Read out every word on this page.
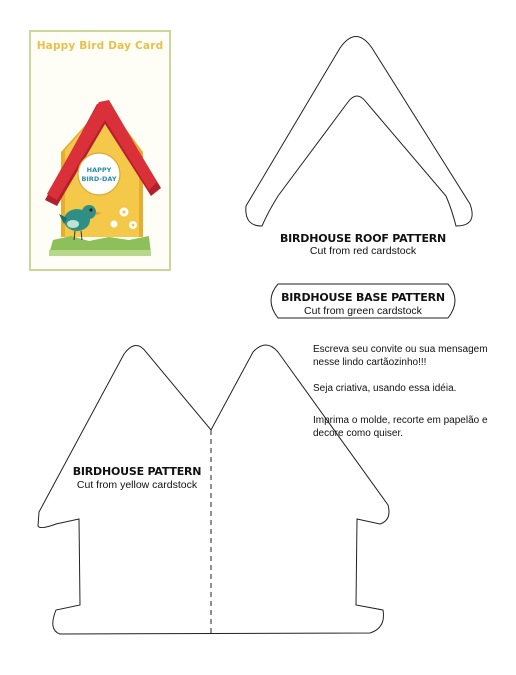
Happy Bird Day Card
HAPPY
BIRD-DAY
BIRDHOUSE ROOF PATTERN
Cut from red cardstock
BIRDHOUSE BASE PATTERN
Cut from green cardstock
BIRDHOUSE PATTERN
Cut from yellow cardstock
Escreva seu convite ou sua mensagem nesse lindo cartãozinho!!!
Seja criativa, usando essa idéia.
Imprima o molde, recorte em papelão e decore como quiser.
